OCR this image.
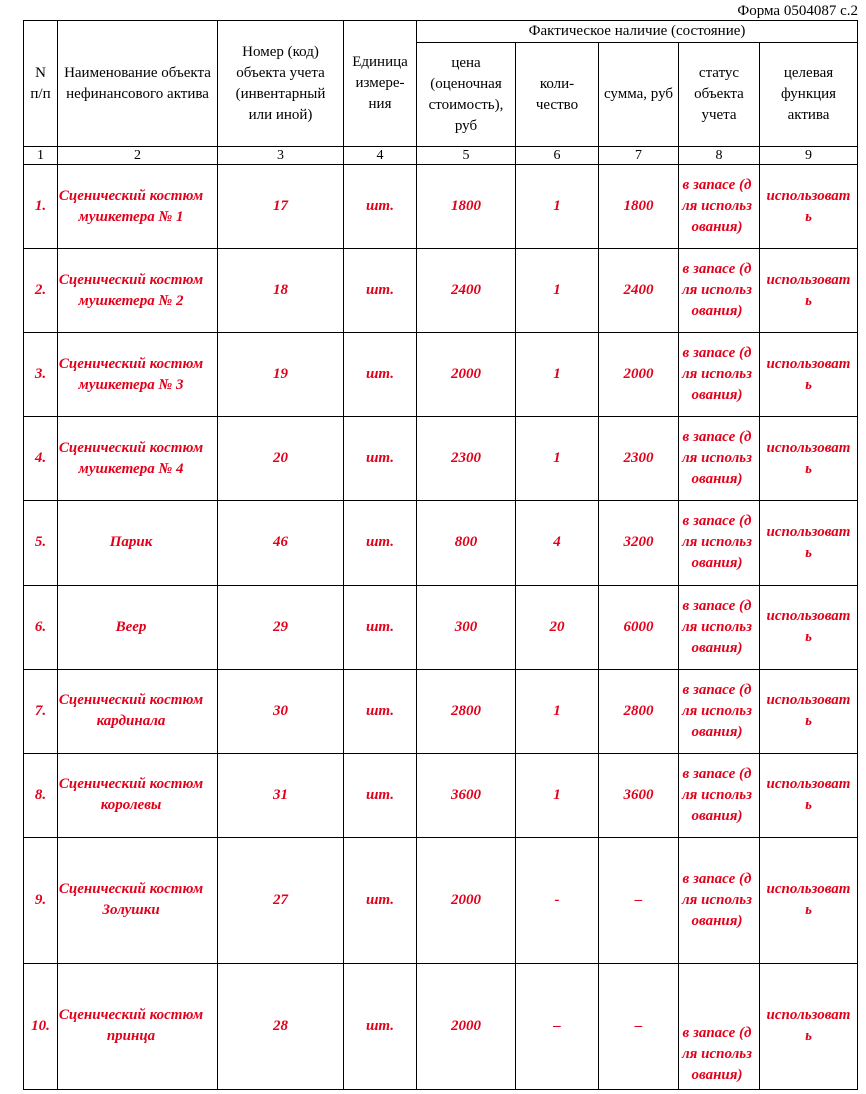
Форма 0504087 с.2
N п/п	Наименование объекта нефинансового актива	Номер (код) объекта учета (инвентарный или иной)	Единица измере-ния	Фактическое наличие (состояние)				

				цена (оценочная стоимость), руб	коли-чество	сумма, руб	статус объекта учета	целевая функция актива

1	2	3	4	5	6	7	8	9
1.	Сценический костюм мушкетера № 1	17	шт.	1800	1	1800	в запасе (для использования)	использовать

2.	Сценический костюм мушкетера № 2	18	шт.	2400	1	2400	в запасе (для использования)	использовать

3.	Сценический костюм мушкетера № 3	19	шт.	2000	1	2000	в запасе (для использования)	использовать

4.	Сценический костюм мушкетера № 4	20	шт.	2300	1	2300	в запасе (для использования)	использовать

5.	Парик	46	шт.	800	4	3200	в запасе (для использования)	использовать

6.	Веер	29	шт.	300	20	6000	в запасе (для использования)	использовать

7.	Сценический костюм кардинала	30	шт.	2800	1	2800	в запасе (для использования)	использовать

8.	Сценический костюм королевы	31	шт.	3600	1	3600	в запасе (для использования)	использовать

9.	Сценический костюм Золушки	27	шт.	2000	-	–	в запасе (для использования)	использовать

10.	Сценический костюм принца	28	шт.	2000	–	–	в запасе (для использования)	использовать
